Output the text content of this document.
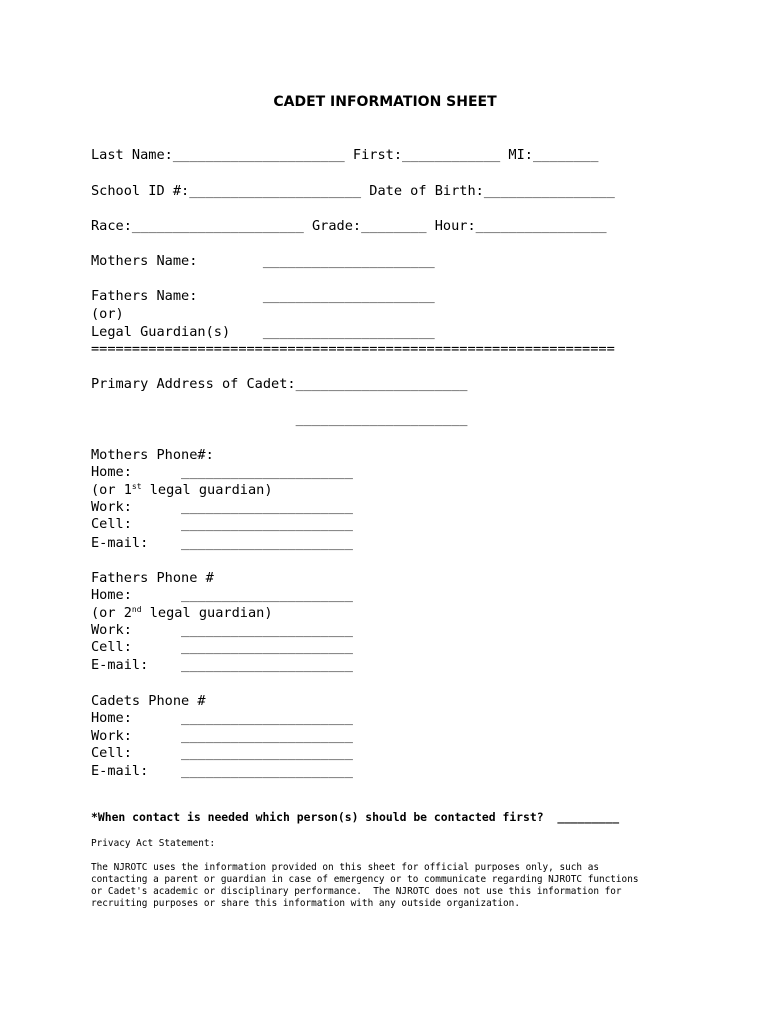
CADET INFORMATION SHEET
Last Name:_____________________ First:____________ MI:________
School ID #:_____________________ Date of Birth:________________
Race:_____________________ Grade:________ Hour:________________
Mothers Name:        _____________________
Fathers Name:        _____________________
(or)
Legal Guardian(s)    _____________________
================================================================
Primary Address of Cadet:_____________________
_____________________
Mothers Phone#:
Home:      _____________________
(or 1st legal guardian)
Work:      _____________________
Cell:      _____________________
E-mail:    _____________________
Fathers Phone #
Home:      _____________________
(or 2nd legal guardian)
Work:      _____________________
Cell:      _____________________
E-mail:    _____________________
Cadets Phone #
Home:      _____________________
Work:      _____________________
Cell:      _____________________
E-mail:    _____________________
*When contact is needed which person(s) should be contacted first?  _________
Privacy Act Statement:
The NJROTC uses the information provided on this sheet for official purposes only, such as
contacting a parent or guardian in case of emergency or to communicate regarding NJROTC functions
or Cadet's academic or disciplinary performance.  The NJROTC does not use this information for
recruiting purposes or share this information with any outside organization.
